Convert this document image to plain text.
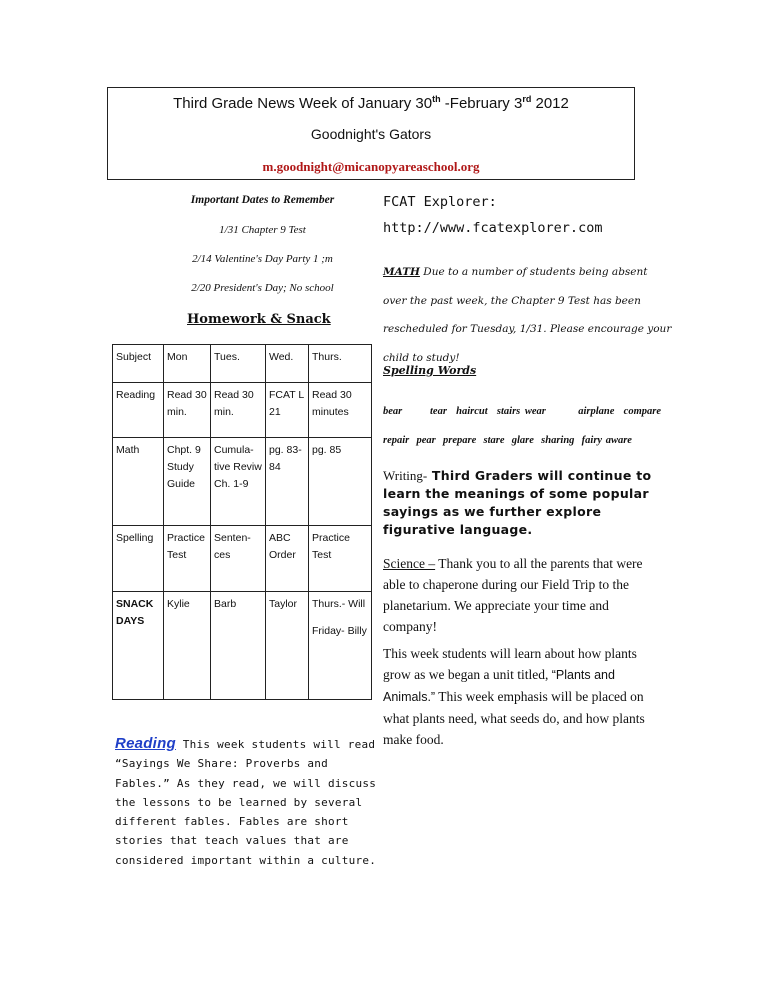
Third Grade News Week of January 30th -February 3rd 2012
Goodnight's Gators
m.goodnight@micanopyareaschool.org

Important Dates to Remember

1/31 Chapter 9 Test

2/14 Valentine's Day Party 1 ;m

2/20 President's Day; No school

Homework & Snack
Subject	Mon	Tues.	Wed.	Thurs.
Reading	Read 30 min.	Read 30 min.	FCAT L 21	Read 30 minutes
Math	Chpt. 9 Study Guide	Cumula-tive Reviw Ch. 1-9	pg. 83-84	pg. 85
Spelling	Practice Test	Senten-ces	ABC Order	Practice Test
SNACK DAYS	Kylie	Barb	Taylor	Thurs.- Will
Friday- Billy
Reading This week students will read “Sayings We Share: Proverbs and Fables.” As they read, we will discuss the lessons to be learned by several different fables. Fables are short stories that teach values that are considered important within a culture.
FCAT Explorer:
http://www.fcatexplorer.com
MATH Due to a number of students being absent over the past week, the Chapter 9 Test has been rescheduled for Tuesday, 1/31. Please encourage your child to study!
Spelling Words
bear      tear  haircut  stairs wear       airplane  compare
repair  pear  prepare  stare  glare  sharing  fairy aware
Writing- Third Graders will continue to learn the meanings of some popular sayings as we further explore figurative language.
Science – Thank you to all the parents that were able to chaperone during our Field Trip to the planetarium. We appreciate your time and company!
This week students will learn about how plants grow as we began a unit titled, “Plants and Animals.” This week emphasis will be placed on what plants need, what seeds do, and how plants make food.
